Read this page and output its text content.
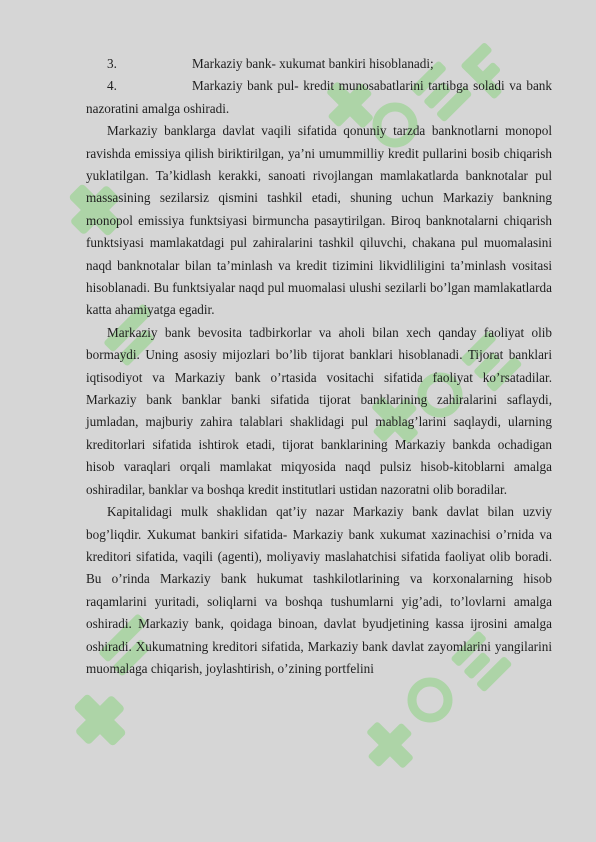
3.	Markaziy bank- xukumat bankiri hisoblanadi;
4.	Markaziy bank pul- kredit munosabatlarini tartibga soladi va bank nazoratini amalga oshiradi.

Markaziy banklarga davlat vaqili sifatida qonuniy tarzda banknotlarni monopol ravishda emissiya qilish biriktirilgan, ya’ni umummilliy kredit pullarini bosib chiqarish yuklatilgan. Ta’kidlash kerakki, sanoati rivojlangan mamlakatlarda banknotalar pul massasining sezilarsiz qismini tashkil etadi, shuning uchun Markaziy bankning monopol emissiya funktsiyasi birmuncha pasaytirilgan. Biroq banknotalarni chiqarish funktsiyasi mamlakatdagi pul zahiralarini tashkil qiluvchi, chakana pul muomalasini naqd banknotalar bilan ta’minlash va kredit tizimini likvidliligini ta’minlash vositasi hisoblanadi. Bu funktsiyalar naqd pul muomalasi ulushi sezilarli bo’lgan mamlakatlarda katta ahamiyatga egadir.

Markaziy bank bevosita tadbirkorlar va aholi bilan xech qanday faoliyat olib bormaydi. Uning asosiy mijozlari bo’lib tijorat banklari hisoblanadi. Tijorat banklari iqtisodiyot va Markaziy bank o’rtasida vositachi sifatida faoliyat ko’rsatadilar. Markaziy bank banklar banki sifatida tijorat banklarining zahiralarini saflaydi, jumladan, majburiy zahira talablari shaklidagi pul mablag’larini saqlaydi, ularning kreditorlari sifatida ishtirok etadi, tijorat banklarining Markaziy bankda ochadigan hisob varaqlari orqali mamlakat miqyosida naqd pulsiz hisob-kitoblarni amalga oshiradilar, banklar va boshqa kredit institutlari ustidan nazoratni olib boradilar.

Kapitalidagi mulk shaklidan qat’iy nazar Markaziy bank davlat bilan uzviy bog’liqdir. Xukumat bankiri sifatida- Markaziy bank xukumat xazinachisi o’rnida va kreditori sifatida, vaqili (agenti), moliyaviy maslahatchisi sifatida faoliyat olib boradi. Bu o’rinda Markaziy bank hukumat tashkilotlarining va korxonalarning hisob raqamlarini yuritadi, soliqlarni va boshqa tushumlarni yig’adi, to’lovlarni amalga oshiradi. Markaziy bank, qoidaga binoan, davlat byudjetining kassa ijrosini amalga oshiradi. Xukumatning kreditori sifatida, Markaziy bank davlat zayomlarini yangilarini muomalaga chiqarish, joylashtirish, o’zining portfelini
